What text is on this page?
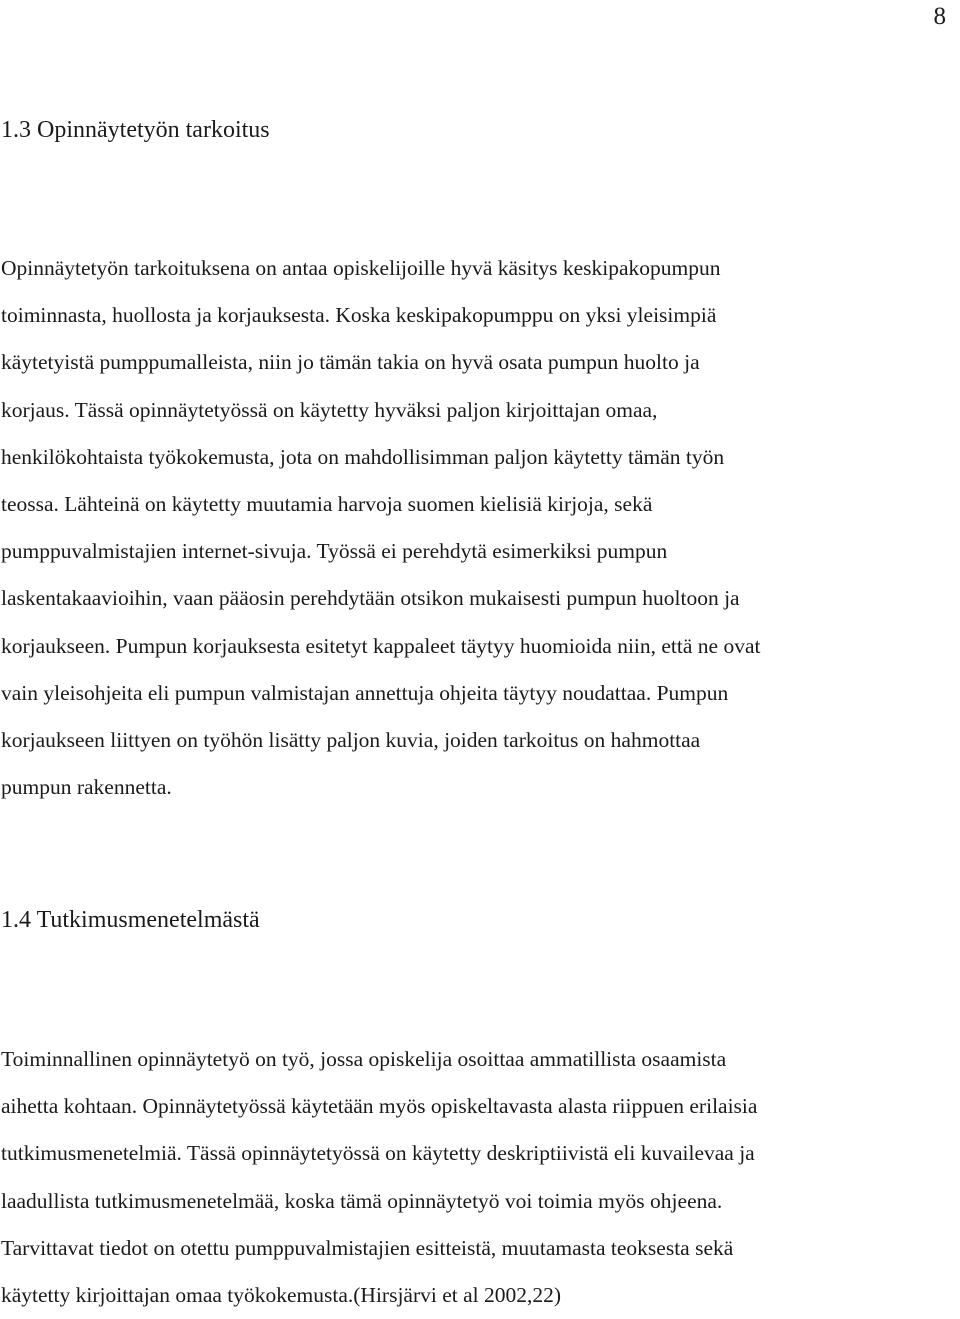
8

1.3 Opinnäytetyön tarkoitus

Opinnäytetyön tarkoituksena on antaa opiskelijoille hyvä käsitys keskipakopumpun
toiminnasta, huollosta ja korjauksesta. Koska keskipakopumppu on yksi yleisimpiä
käytetyistä pumppumalleista, niin jo tämän takia on hyvä osata pumpun huolto ja
korjaus. Tässä opinnäytetyössä on käytetty hyväksi paljon kirjoittajan omaa,
henkilökohtaista työkokemusta, jota on mahdollisimman paljon käytetty tämän työn
teossa. Lähteinä on käytetty muutamia harvoja suomen kielisiä kirjoja, sekä
pumppuvalmistajien internet-sivuja. Työssä ei perehdytä esimerkiksi pumpun
laskentakaavioihin, vaan pääosin perehdytään otsikon mukaisesti pumpun huoltoon ja
korjaukseen. Pumpun korjauksesta esitetyt kappaleet täytyy huomioida niin, että ne ovat
vain yleisohjeita eli pumpun valmistajan annettuja ohjeita täytyy noudattaa. Pumpun
korjaukseen liittyen on työhön lisätty paljon kuvia, joiden tarkoitus on hahmottaa
pumpun rakennetta.

1.4 Tutkimusmenetelmästä

Toiminnallinen opinnäytetyö on työ, jossa opiskelija osoittaa ammatillista osaamista
aihetta kohtaan. Opinnäytetyössä käytetään myös opiskeltavasta alasta riippuen erilaisia
tutkimusmenetelmiä. Tässä opinnäytetyössä on käytetty deskriptiivistä eli kuvailevaa ja
laadullista tutkimusmenetelmää, koska tämä opinnäytetyö voi toimia myös ohjeena.
Tarvittavat tiedot on otettu pumppuvalmistajien esitteistä, muutamasta teoksesta sekä
käytetty kirjoittajan omaa työkokemusta.(Hirsjärvi et al 2002,22)
